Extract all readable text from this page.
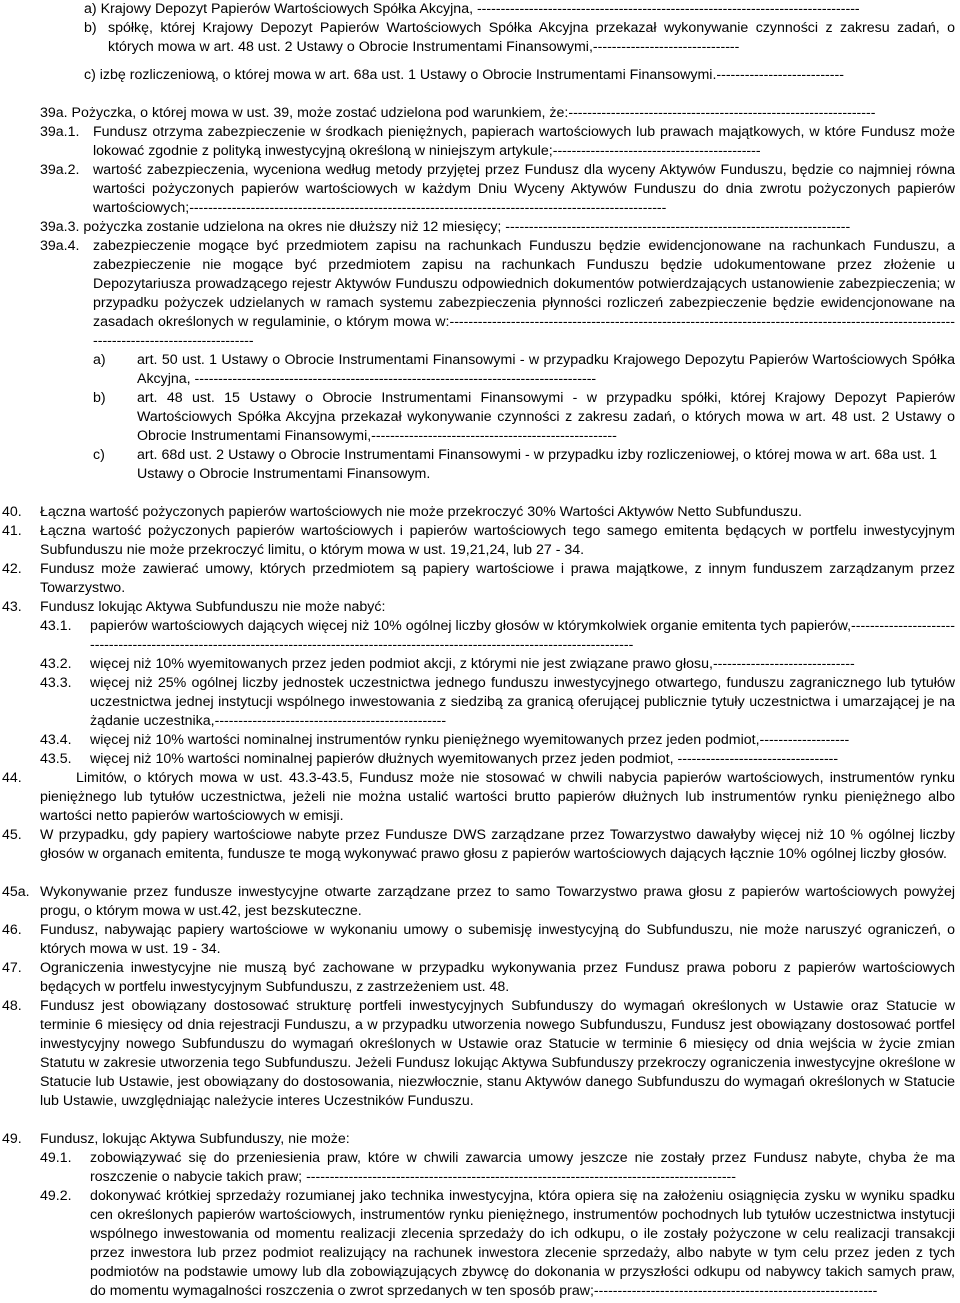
a) Krajowy Depozyt Papierów Wartościowych Spółka Akcyjna, ---------------------------------------------------------------------------------
b) spółkę, której Krajowy Depozyt Papierów Wartościowych Spółka Akcyjna przekazał wykonywanie czynności z zakresu zadań, o których mowa w art. 48 ust. 2 Ustawy o Obrocie Instrumentami Finansowymi,-------------------------------
c) izbę rozliczeniową, o której mowa w art. 68a ust. 1 Ustawy o Obrocie Instrumentami Finansowymi.---------------------------
39a. Pożyczka, o której mowa w ust. 39, może zostać udzielona pod warunkiem, że:-----------------------------------------------------------------
39a.1. Fundusz otrzyma zabezpieczenie w środkach pieniężnych, papierach wartościowych lub prawach majątkowych, w które Fundusz może lokować zgodnie z polityką inwestycyjną określoną w niniejszym artykule;--------------------------------------------
39a.2. wartość zabezpieczenia, wyceniona według metody przyjętej przez Fundusz dla wyceny Aktywów Funduszu, będzie co najmniej równa wartości pożyczonych papierów wartościowych w każdym Dniu Wyceny Aktywów Funduszu do dnia zwrotu pożyczonych papierów wartościowych;-----------------------------------------------------------------------------------------------------
39a.3. pożyczka zostanie udzielona na okres nie dłuższy niż 12 miesięcy; -------------------------------------------------------------------------
39a.4. zabezpieczenie mogące być przedmiotem zapisu na rachunkach Funduszu będzie ewidencjonowane na rachunkach Funduszu, a zabezpieczenie nie mogące być przedmiotem zapisu na rachunkach Funduszu będzie udokumentowane przez złożenie u Depozytariusza prowadzącego rejestr Aktywów Funduszu odpowiednich dokumentów potwierdzających ustanowienie zabezpieczenia; w przypadku pożyczek udzielanych w ramach systemu zabezpieczenia płynności rozliczeń zabezpieczenie będzie ewidencjonowane na zasadach określonych w regulaminie, o którym mowa w:---------------------------------------------------------------------------------------------------------------------------------------------
a) art. 50 ust. 1 Ustawy o Obrocie Instrumentami Finansowymi - w przypadku Krajowego Depozytu Papierów Wartościowych Spółka Akcyjna, -------------------------------------------------------------------------------------
b) art. 48 ust. 15 Ustawy o Obrocie Instrumentami Finansowymi - w przypadku spółki, której Krajowy Depozyt Papierów Wartościowych Spółka Akcyjna przekazał wykonywanie czynności z zakresu zadań, o których mowa w art. 48 ust. 2 Ustawy o Obrocie Instrumentami Finansowymi,----------------------------------------------------
c) art. 68d ust. 2 Ustawy o Obrocie Instrumentami Finansowymi - w przypadku izby rozliczeniowej, o której mowa w art. 68a ust. 1 Ustawy o Obrocie Instrumentami Finansowym.
40. Łączna wartość pożyczonych papierów wartościowych nie może przekroczyć 30% Wartości Aktywów Netto Subfunduszu.
41. Łączna wartość pożyczonych papierów wartościowych i papierów wartościowych tego samego emitenta będących w portfelu inwestycyjnym Subfunduszu nie może przekroczyć limitu, o którym mowa w ust. 19,21,24, lub 27 - 34.
42. Fundusz może zawierać umowy, których przedmiotem są papiery wartościowe i prawa majątkowe, z innym funduszem zarządzanym przez Towarzystwo.
43. Fundusz lokując Aktywa Subfunduszu nie może nabyć:
43.1. papierów wartościowych dających więcej niż 10% ogólnej liczby głosów w którymkolwiek organie emitenta tych papierów,-----------------------------------------------------------------------------------------------------------------------------------------
43.2. więcej niż 10% wyemitowanych przez jeden podmiot akcji, z którymi nie jest związane prawo głosu,------------------------------
43.3. więcej niż 25% ogólnej liczby jednostek uczestnictwa jednego funduszu inwestycyjnego otwartego, funduszu zagranicznego lub tytułów uczestnictwa jednej instytucji wspólnego inwestowania z siedzibą za granicą oferującej publicznie tytuły uczestnictwa i umarzającej je na żądanie uczestnika,-------------------------------------------------
43.4. więcej niż 10% wartości nominalnej instrumentów rynku pieniężnego wyemitowanych przez jeden podmiot,-------------------
43.5. więcej niż 10% wartości nominalnej papierów dłużnych wyemitowanych przez jeden podmiot, ----------------------------------
44.	Limitów, o których mowa w ust. 43.3-43.5, Fundusz może nie stosować w chwili nabycia papierów wartościowych, instrumentów rynku pieniężnego lub tytułów uczestnictwa, jeżeli nie można ustalić wartości brutto papierów dłużnych lub instrumentów rynku pieniężnego albo wartości netto papierów wartościowych w emisji.
45. W przypadku, gdy papiery wartościowe nabyte przez Fundusze DWS zarządzane przez Towarzystwo dawałyby więcej niż 10 % ogólnej liczby głosów w organach emitenta, fundusze te mogą wykonywać prawo głosu z papierów wartościowych dających łącznie 10% ogólnej liczby głosów.
45a. Wykonywanie przez fundusze inwestycyjne otwarte zarządzane przez to samo Towarzystwo prawa głosu z papierów wartościowych powyżej progu, o którym mowa w ust.42, jest bezskuteczne.
46. Fundusz, nabywając papiery wartościowe w wykonaniu umowy o subemisję inwestycyjną do Subfunduszu, nie może naruszyć ograniczeń, o których mowa w ust. 19 - 34.
47. Ograniczenia inwestycyjne nie muszą być zachowane w przypadku wykonywania przez Fundusz prawa poboru z papierów wartościowych będących w portfelu inwestycyjnym Subfunduszu, z zastrzeżeniem ust. 48.
48. Fundusz jest obowiązany dostosować strukturę portfeli inwestycyjnych Subfunduszy do wymagań określonych w Ustawie oraz Statucie w terminie 6 miesięcy od dnia rejestracji Funduszu, a w przypadku utworzenia nowego Subfunduszu, Fundusz jest obowiązany dostosować portfel inwestycyjny nowego Subfunduszu do wymagań określonych w Ustawie oraz Statucie w terminie 6 miesięcy od dnia wejścia w życie zmian Statutu w zakresie utworzenia tego Subfunduszu. Jeżeli Fundusz lokując Aktywa Subfunduszy przekroczy ograniczenia inwestycyjne określone w Statucie lub Ustawie, jest obowiązany do dostosowania, niezwłocznie, stanu Aktywów danego Subfunduszu do wymagań określonych w Statucie lub Ustawie, uwzględniając należycie interes Uczestników Funduszu.
49. Fundusz, lokując Aktywa Subfunduszy, nie może:
49.1. zobowiązywać się do przeniesienia praw, które w chwili zawarcia umowy jeszcze nie zostały przez Fundusz nabyte, chyba że ma roszczenie o nabycie takich praw; -------------------------------------------------------------------------------------------
49.2. dokonywać krótkiej sprzedaży rozumianej jako technika inwestycyjna, która opiera się na założeniu osiągnięcia zysku w wyniku spadku cen określonych papierów wartościowych, instrumentów rynku pieniężnego, instrumentów pochodnych lub tytułów uczestnictwa instytucji wspólnego inwestowania od momentu realizacji zlecenia sprzedaży do ich odkupu, o ile zostały pożyczone w celu realizacji transakcji przez inwestora lub przez podmiot realizujący na rachunek inwestora zlecenie sprzedaży, albo nabyte w tym celu przez jeden z tych podmiotów na podstawie umowy lub dla zobowiązujących zbywcę do dokonania w przyszłości odkupu od nabywcy takich samych praw, do momentu wymagalności roszczenia o zwrot sprzedanych w ten sposób praw;------------------------------------------------------------
